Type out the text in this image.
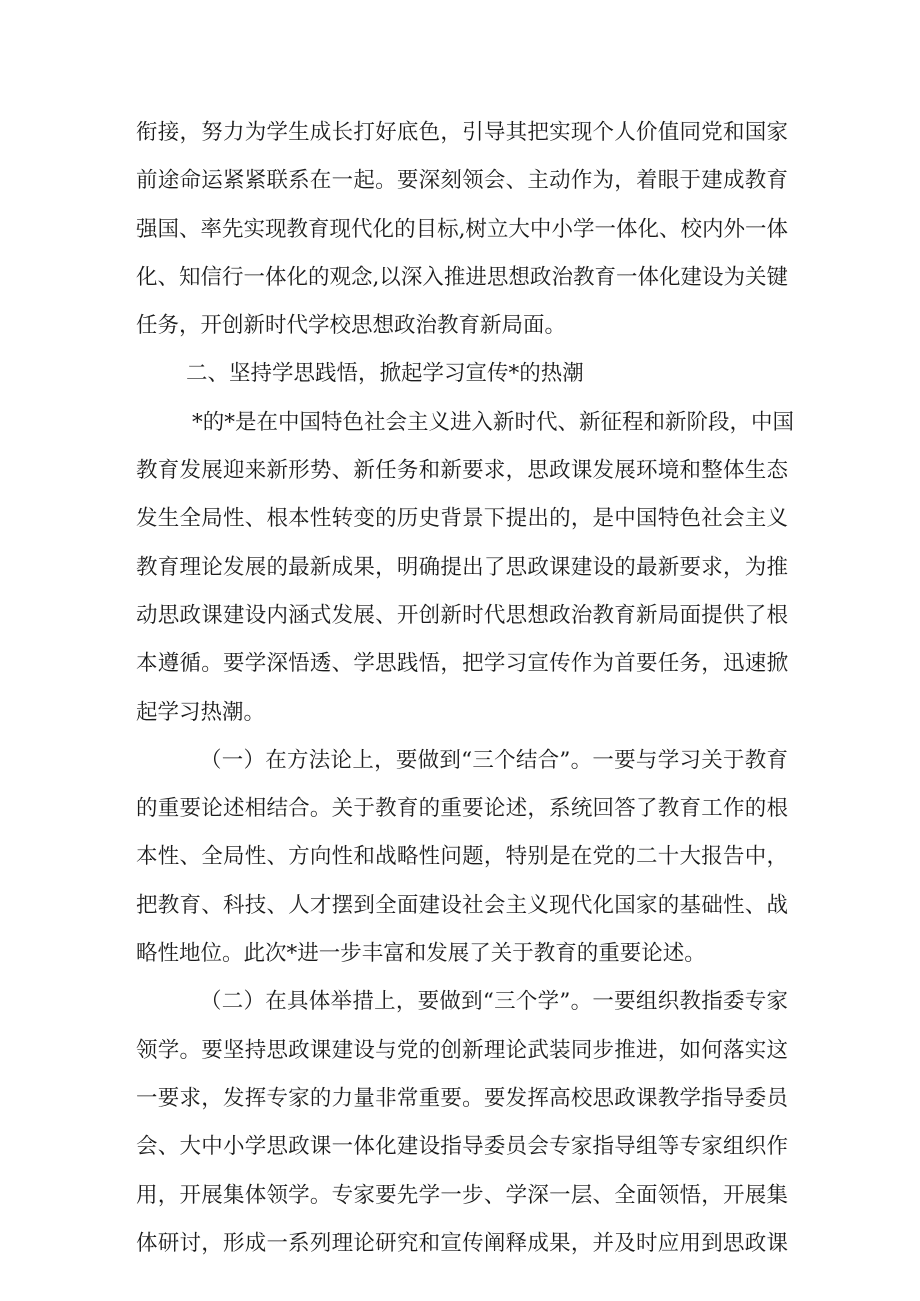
衔接，努力为学生成长打好底色，引导其把实现个人价值同党和国家
前途命运紧紧联系在一起。要深刻领会、主动作为，着眼于建成教育
强国、率先实现教育现代化的目标,树立大中小学一体化、校内外一体
化、知信行一体化的观念,以深入推进思想政治教育一体化建设为关键
任务，开创新时代学校思想政治教育新局面。
二、坚持学思践悟，掀起学习宣传*的热潮
*的*是在中国特色社会主义进入新时代、新征程和新阶段，中国
教育发展迎来新形势、新任务和新要求，思政课发展环境和整体生态
发生全局性、根本性转变的历史背景下提出的，是中国特色社会主义
教育理论发展的最新成果，明确提出了思政课建设的最新要求，为推
动思政课建设内涵式发展、开创新时代思想政治教育新局面提供了根
本遵循。要学深悟透、学思践悟，把学习宣传作为首要任务，迅速掀
起学习热潮。
（一）在方法论上，要做到“三个结合”。一要与学习关于教育
的重要论述相结合。关于教育的重要论述，系统回答了教育工作的根
本性、全局性、方向性和战略性问题，特别是在党的二十大报告中，
把教育、科技、人才摆到全面建设社会主义现代化国家的基础性、战
略性地位。此次*进一步丰富和发展了关于教育的重要论述。
（二）在具体举措上，要做到“三个学”。一要组织教指委专家
领学。要坚持思政课建设与党的创新理论武装同步推进，如何落实这
一要求，发挥专家的力量非常重要。要发挥高校思政课教学指导委员
会、大中小学思政课一体化建设指导委员会专家指导组等专家组织作
用，开展集体领学。专家要先学一步、学深一层、全面领悟，开展集
体研讨，形成一系列理论研究和宣传阐释成果，并及时应用到思政课
